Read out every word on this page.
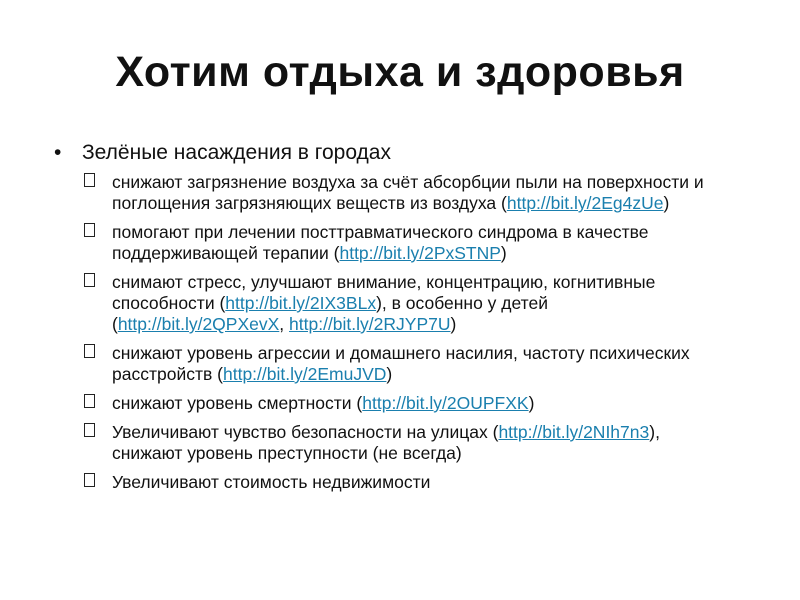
Хотим отдыха и здоровья
• Зелёные насаждения в городах
снижают загрязнение воздуха за счёт абсорбции пыли на поверхности и поглощения загрязняющих веществ из воздуха (http://bit.ly/2Eg4zUe)
помогают при лечении посттравматического синдрома в качестве поддерживающей терапии (http://bit.ly/2PxSTNP)
снимают стресс, улучшают внимание, концентрацию, когнитивные способности (http://bit.ly/2IX3BLx), в особенно у детей (http://bit.ly/2QPXevX, http://bit.ly/2RJYP7U)
снижают уровень агрессии и домашнего насилия, частоту психических расстройств (http://bit.ly/2EmuJVD)
снижают уровень смертности (http://bit.ly/2OUPFXK)
Увеличивают чувство безопасности на улицах (http://bit.ly/2NIh7n3), снижают уровень преступности (не всегда)
Увеличивают стоимость недвижимости
